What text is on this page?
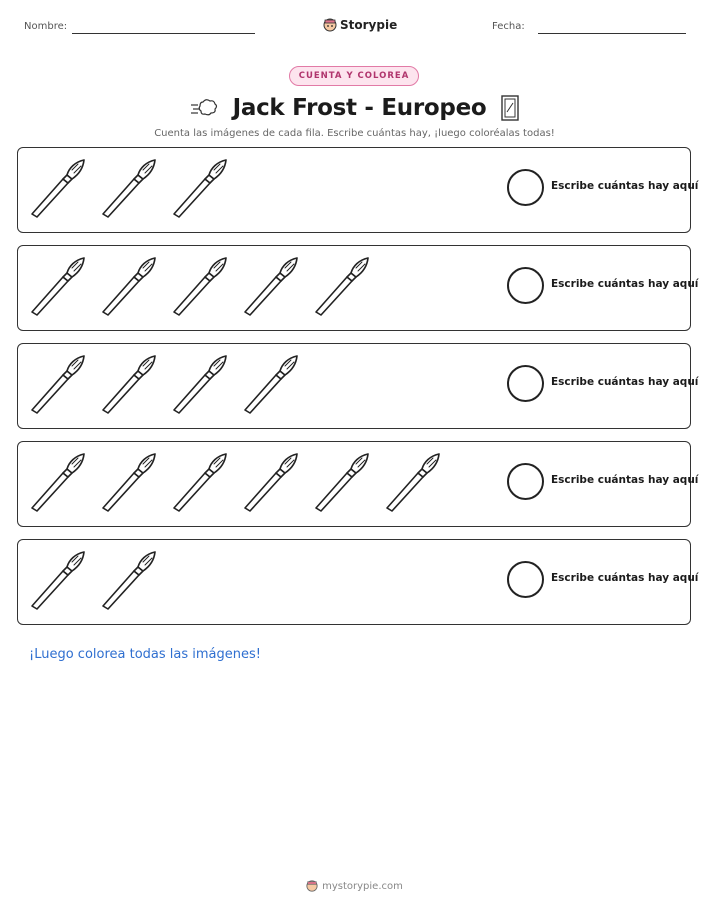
Nombre:	Storypie	Fecha:
CUENTA Y COLOREA
Jack Frost - Europeo
Cuenta las imágenes de cada fila. Escribe cuántas hay, ¡luego coloréalas todas!
Escribe cuántas hay aquí
Escribe cuántas hay aquí
Escribe cuántas hay aquí
Escribe cuántas hay aquí
Escribe cuántas hay aquí
¡Luego colorea todas las imágenes!
mystorypie.com
